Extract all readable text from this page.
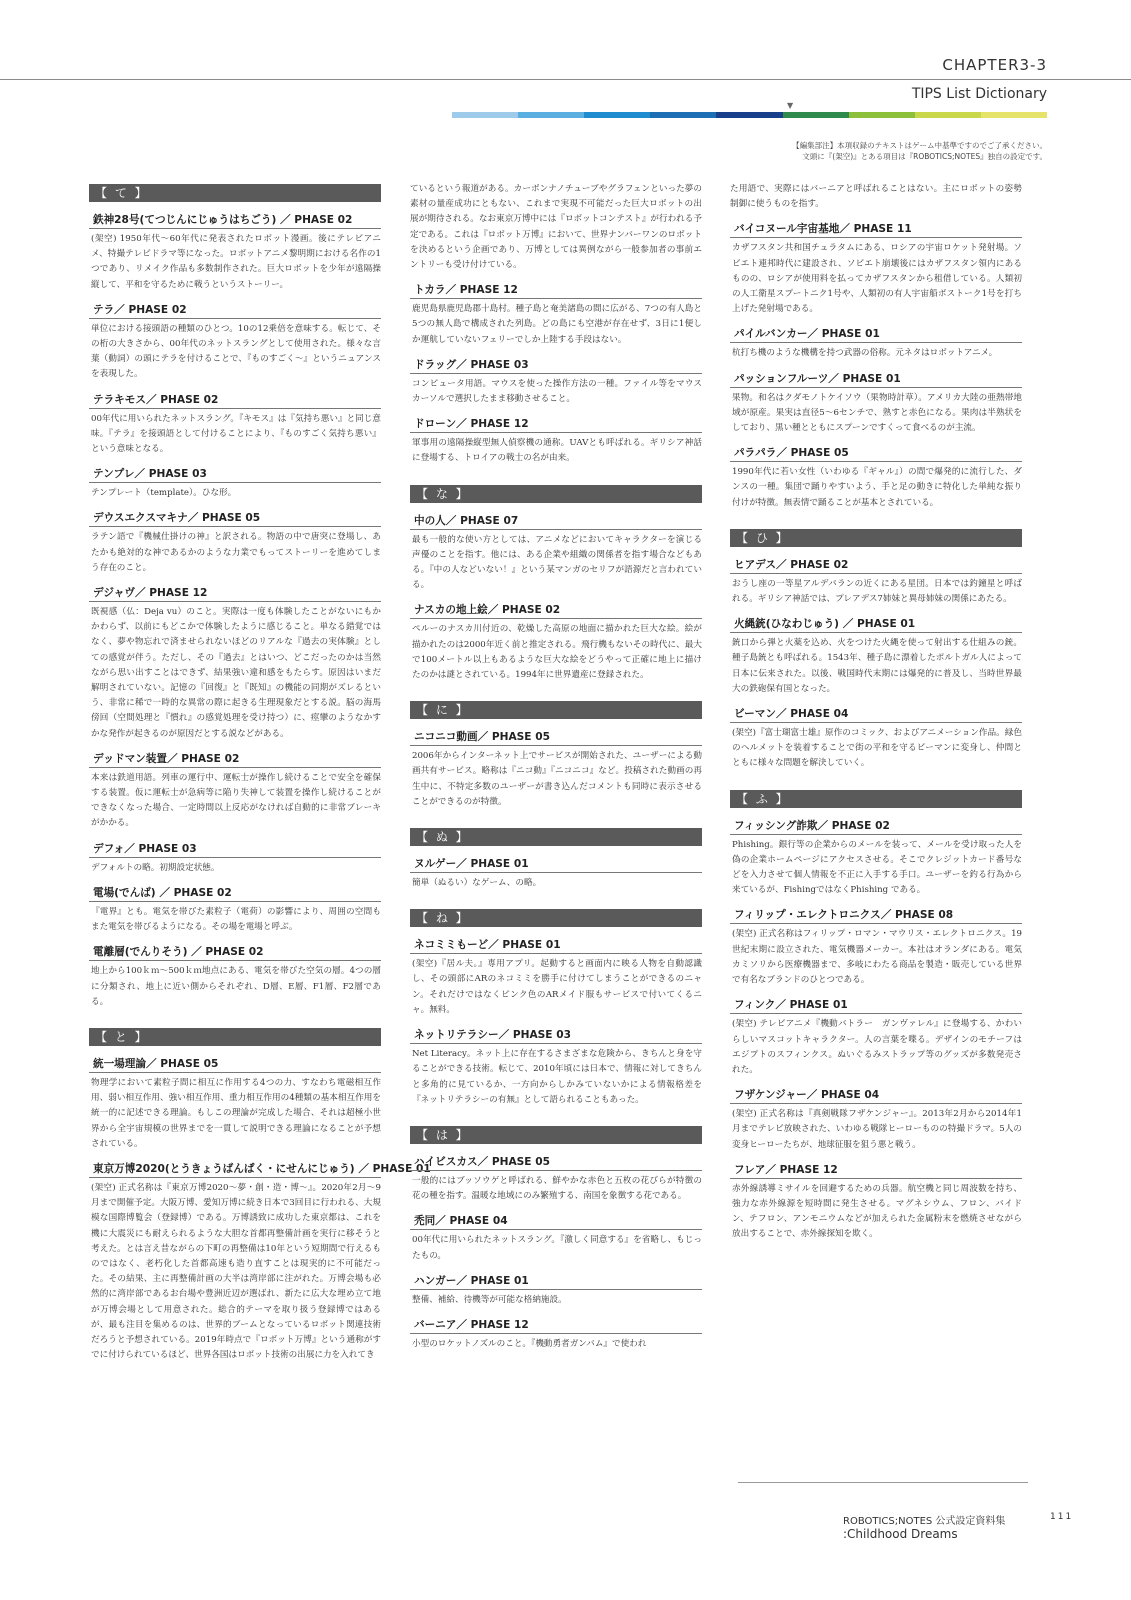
CHAPTER3-3
TIPS List Dictionary
▼
【編集部注】本項収録のテキストはゲーム中基準ですのでご了承ください。
文頭に『(架空)』とある項目は『ROBOTICS;NOTES』独自の設定です。
【 て 】
鉄神28号(てつじんにじゅうはちごう) ／ PHASE 02
(架空) 1950年代～60年代に発表されたロボット漫画。後にテレビアニメ、特撮テレビドラマ等になった。ロボットアニメ黎明期における名作の1つであり、リメイク作品も多数制作された。巨大ロボットを少年が遠隔操縦して、平和を守るために戦うというストーリー。
テラ／ PHASE 02
単位における接頭語の種類のひとつ。10の12乗倍を意味する。転じて、その桁の大きさから、00年代のネットスラングとして使用された。様々な言葉（動詞）の頭にテラを付けることで、『ものすごく～』というニュアンスを表現した。
テラキモス／ PHASE 02
00年代に用いられたネットスラング。『キモス』は『気持ち悪い』と同じ意味。『テラ』を接頭語として付けることにより、『ものすごく気持ち悪い』という意味となる。
テンプレ／ PHASE 03
テンプレート（template）。ひな形。
デウスエクスマキナ／ PHASE 05
ラテン語で『機械仕掛けの神』と訳される。物語の中で唐突に登場し、あたかも絶対的な神であるかのような力業でもってストーリーを進めてしまう存在のこと。
デジャヴ／ PHASE 12
既視感（仏：Deja vu）のこと。実際は一度も体験したことがないにもかかわらず、以前にもどこかで体験したように感じること。単なる錯覚ではなく、夢や物忘れで済ませられないほどのリアルな『過去の実体験』としての感覚が伴う。ただし、その『過去』とはいつ、どこだったのかは当然ながら思い出すことはできず、結果強い違和感をもたらす。原因はいまだ解明されていない。記憶の『回復』と『既知』の機能の同期がズレるという、非常に稀で一時的な異常の際に起きる生理現象だとする説。脳の海馬傍回（空間処理と『慣れ』の感覚処理を受け持つ）に、痙攣のようなかすかな発作が起きるのが原因だとする説などがある。
デッドマン装置／ PHASE 02
本来は鉄道用語。列車の運行中、運転士が操作し続けることで安全を確保する装置。仮に運転士が急病等に陥り失神して装置を操作し続けることができなくなった場合、一定時間以上反応がなければ自動的に非常ブレーキがかかる。
デフォ／ PHASE 03
デフォルトの略。初期設定状態。
電場(でんば) ／ PHASE 02
『電界』とも。電気を帯びた素粒子（電荷）の影響により、周囲の空間もまた電気を帯びるようになる。その場を電場と呼ぶ。
電離層(でんりそう) ／ PHASE 02
地上から100ｋｍ～500ｋｍ地点にある、電気を帯びた空気の層。4つの層に分類され、地上に近い側からそれぞれ、D層、E層、F1層、F2層である。
【 と 】
統一場理論／ PHASE 05
物理学において素粒子間に相互に作用する4つの力、すなわち電磁相互作用、弱い相互作用、強い相互作用、重力相互作用の4種類の基本相互作用を統一的に記述できる理論。もしこの理論が完成した場合、それは超極小世界から全宇宙規模の世界までを一貫して説明できる理論になることが予想されている。
東京万博2020(とうきょうばんぱく・にせんにじゅう) ／ PHASE 01
(架空) 正式名称は『東京万博2020～夢・創・造・博～』。2020年2月～9月まで開催予定。大阪万博、愛知万博に続き日本で3回目に行われる、大規模な国際博覧会（登録博）である。万博誘致に成功した東京都は、これを機に大震災にも耐えられるような大胆な首都再整備計画を実行に移そうと考えた。とは言え昔ながらの下町の再整備は10年という短期間で行えるものではなく、老朽化した首都高速も造り直すことは現実的に不可能だった。その結果、主に再整備計画の大半は湾岸部に注がれた。万博会場も必然的に湾岸部であるお台場や豊洲近辺が選ばれ、新たに広大な埋め立て地が万博会場として用意された。総合的テーマを取り扱う登録博ではあるが、最も注目を集めるのは、世界的ブームとなっているロボット関連技術だろうと予想されている。2019年時点で『ロボット万博』という通称がすでに付けられているほど、世界各国はロボット技術の出展に力を入れてき
ているという報道がある。カーボンナノチューブやグラフェンといった夢の素材の量産成功にともない、これまで実現不可能だった巨大ロボットの出展が期待される。なお東京万博中には『ロボットコンテスト』が行われる予定である。これは『ロボット万博』において、世界ナンバーワンのロボットを決めるという企画であり、万博としては異例ながら一般参加者の事前エントリーも受け付けている。
トカラ／ PHASE 12
鹿児島県鹿児島郡十島村。種子島と奄美諸島の間に広がる、7つの有人島と5つの無人島で構成された列島。どの島にも空港が存在せず、3日に1便しか運航していないフェリーでしか上陸する手段はない。
ドラッグ／ PHASE 03
コンピュータ用語。マウスを使った操作方法の一種。ファイル等をマウスカーソルで選択したまま移動させること。
ドローン／ PHASE 12
軍事用の遠隔操縦型無人偵察機の通称。UAVとも呼ばれる。ギリシア神話に登場する、トロイアの戦士の名が由来。
【 な 】
中の人／ PHASE 07
最も一般的な使い方としては、アニメなどにおいてキャラクターを演じる声優のことを指す。他には、ある企業や組織の関係者を指す場合などもある。『中の人などいない！』という某マンガのセリフが語源だと言われている。
ナスカの地上絵／ PHASE 02
ペルーのナスカ川付近の、乾燥した高原の地面に描かれた巨大な絵。絵が描かれたのは2000年近く前と推定される。飛行機もないその時代に、最大で100メートル以上もあるような巨大な絵をどうやって正確に地上に描けたのかは謎とされている。1994年に世界遺産に登録された。
【 に 】
ニコニコ動画／ PHASE 05
2006年からインターネット上でサービスが開始された、ユーザーによる動画共有サービス。略称は『ニコ動』『ニコニコ』など。投稿された動画の再生中に、不特定多数のユーザーが書き込んだコメントも同時に表示させることができるのが特徴。
【 ぬ 】
ヌルゲー／ PHASE 01
簡単（ぬるい）なゲーム、の略。
【 ね 】
ネコミミもーど／ PHASE 01
(架空)『居ル夫。』専用アプリ。起動すると画面内に映る人物を自動認識し、その頭部にARのネコミミを勝手に付けてしまうことができるのニャン。それだけではなくピンク色のARメイド服もサービスで付いてくるニャ。無料。
ネットリテラシー／ PHASE 03
Net Literacy。ネット上に存在するさまざまな危険から、きちんと身を守ることができる技術。転じて、2010年頃には日本で、情報に対してきちんと多角的に見ているか、一方向からしかみていないかによる情報格差を『ネットリテラシーの有無』として語られることもあった。
【 は 】
ハイビスカス／ PHASE 05
一般的にはブッソウゲと呼ばれる、鮮やかな赤色と五枚の花びらが特徴の花の種を指す。温暖な地域にのみ繁殖する、南国を象徴する花である。
禿同／ PHASE 04
00年代に用いられたネットスラング。『激しく同意する』を省略し、もじったもの。
ハンガー／ PHASE 01
整備、補給、待機等が可能な格納施設。
バーニア／ PHASE 12
小型のロケットノズルのこと。『機動勇者ガンバム』で使われ
た用語で、実際にはバーニアと呼ばれることはない。主にロボットの姿勢制御に使うものを指す。
バイコヌール宇宙基地／ PHASE 11
カザフスタン共和国チュラタムにある、ロシアの宇宙ロケット発射場。ソビエト連邦時代に建設され、ソビエト崩壊後にはカザフスタン領内にあるものの、ロシアが使用料を払ってカザフスタンから租借している。人類初の人工衛星スプートニク1号や、人類初の有人宇宙船ボストーク1号を打ち上げた発射場である。
パイルバンカー／ PHASE 01
杭打ち機のような機構を持つ武器の俗称。元ネタはロボットアニメ。
パッションフルーツ／ PHASE 01
果物。和名はクダモノトケイソウ（果物時計草）。アメリカ大陸の亜熱帯地域が原産。果実は直径5～6センチで、熟すと赤色になる。果肉は半熟状をしており、黒い種とともにスプーンですくって食べるのが主流。
パラパラ／ PHASE 05
1990年代に若い女性（いわゆる『ギャル』）の間で爆発的に流行した、ダンスの一種。集団で踊りやすいよう、手と足の動きに特化した単純な振り付けが特徴。無表情で踊ることが基本とされている。
【 ひ 】
ヒアデス／ PHASE 02
おうし座の一等星アルデバランの近くにある星団。日本では釣鐘星と呼ばれる。ギリシア神話では、プレアデス7姉妹と異母姉妹の関係にあたる。
火縄銃(ひなわじゅう) ／ PHASE 01
銃口から弾と火薬を込め、火をつけた火縄を使って射出する仕組みの銃。種子島銃とも呼ばれる。1543年、種子島に漂着したポルトガル人によって日本に伝来された。以後、戦国時代末期には爆発的に普及し、当時世界最大の鉄砲保有国となった。
ビーマン／ PHASE 04
(架空)『富士瑚富士雄』原作のコミック、およびアニメーション作品。緑色のヘルメットを装着することで街の平和を守るビーマンに変身し、仲間とともに様々な問題を解決していく。
【 ふ 】
フィッシング詐欺／ PHASE 02
Phishing。銀行等の企業からのメールを装って、メールを受け取った人を偽の企業ホームページにアクセスさせる。そこでクレジットカード番号などを入力させて個人情報を不正に入手する手口。ユーザーを釣る行為から来ているが、FishingではなくPhishing である。
フィリップ・エレクトロニクス／ PHASE 08
(架空) 正式名称はフィリップ・ロマン・マウリス・エレクトロニクス。19世紀末期に設立された、電気機器メーカー。本社はオランダにある。電気カミソリから医療機器まで、多岐にわたる商品を製造・販売している世界で有名なブランドのひとつである。
フィンク／ PHASE 01
(架空) テレビアニメ『機動バトラー　ガンヴァレル』に登場する、かわいらしいマスコットキャラクター。人の言葉を喋る。デザインのモチーフはエジプトのスフィンクス。ぬいぐるみストラップ等のグッズが多数発売された。
フザケンジャー／ PHASE 04
(架空) 正式名称は『真剣戦隊フザケンジャー』。2013年2月から2014年1月までテレビ放映された、いわゆる戦隊ヒーローものの特撮ドラマ。5人の変身ヒーローたちが、地球征服を狙う悪と戦う。
フレア／ PHASE 12
赤外線誘導ミサイルを回避するための兵器。航空機と同じ周波数を持ち、強力な赤外線源を短時間に発生させる。マグネシウム、フロン、バイドン、テフロン、アンモニウムなどが加えられた金属粉末を燃焼させながら放出することで、赤外線探知を欺く。
ROBOTICS;NOTES 公式設定資料集	111
:Childhood Dreams
